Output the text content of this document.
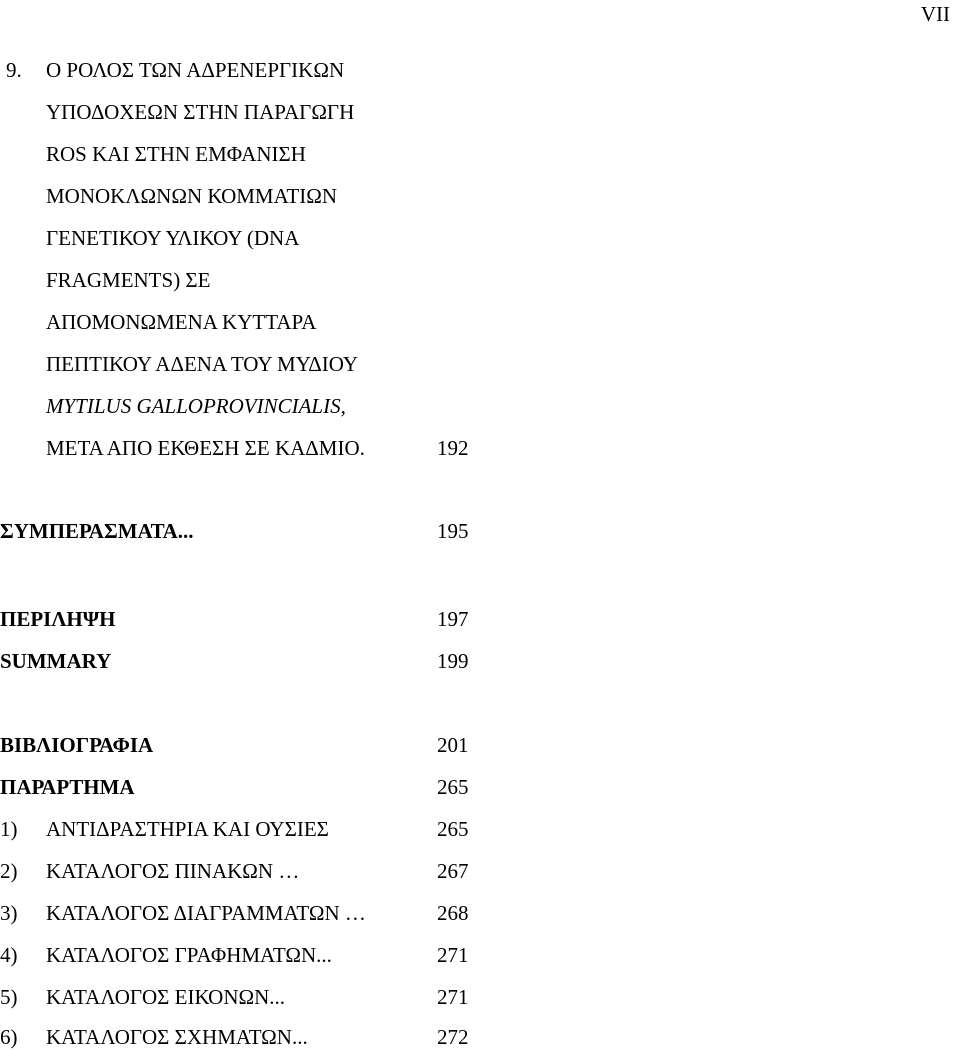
VII
9. Ο ΡΟΛΟΣ ΤΩΝ ΑΔΡΕΝΕΡΓΙΚΩΝ
ΥΠΟΔΟΧΕΩΝ ΣΤΗΝ ΠΑΡΑΓΩΓΗ
ROS ΚΑΙ ΣΤΗΝ ΕΜΦΑΝΙΣΗ
ΜΟΝΟΚΛΩΝΩΝ ΚΟΜΜΑΤΙΩΝ
ΓΕΝΕΤΙΚΟΥ ΥΛΙΚΟΥ (DNA
FRAGMENTS) ΣΕ
ΑΠΟΜΟΝΩΜΕΝΑ ΚΥΤΤΑΡΑ
ΠΕΠΤΙΚΟΥ ΑΔΕΝΑ ΤΟΥ ΜΥΔΙΟΥ
MYTILUS GALLOPROVINCIALIS,
ΜΕΤΑ ΑΠΟ ΕΚΘΕΣΗ ΣΕ ΚΑΔΜΙΟ.	192
ΣΥΜΠΕΡΑΣΜΑΤΑ...	195
ΠΕΡΙΛΗΨΗ	197
SUMMARY	199
ΒΙΒΛΙΟΓΡΑΦΙΑ	201
ΠΑΡΑΡΤΗΜΑ	265
1) ΑΝΤΙΔΡΑΣΤΗΡΙΑ ΚΑΙ ΟΥΣΙΕΣ	265
2) ΚΑΤΑΛΟΓΟΣ ΠΙΝΑΚΩΝ …	267
3) ΚΑΤΑΛΟΓΟΣ ΔΙΑΓΡΑΜΜΑΤΩΝ …	268
4) ΚΑΤΑΛΟΓΟΣ ΓΡΑΦΗΜΑΤΩΝ...	271
5) ΚΑΤΑΛΟΓΟΣ ΕΙΚΟΝΩΝ...	271
6) ΚΑΤΑΛΟΓΟΣ ΣΧΗΜΑΤΩΝ...	272
